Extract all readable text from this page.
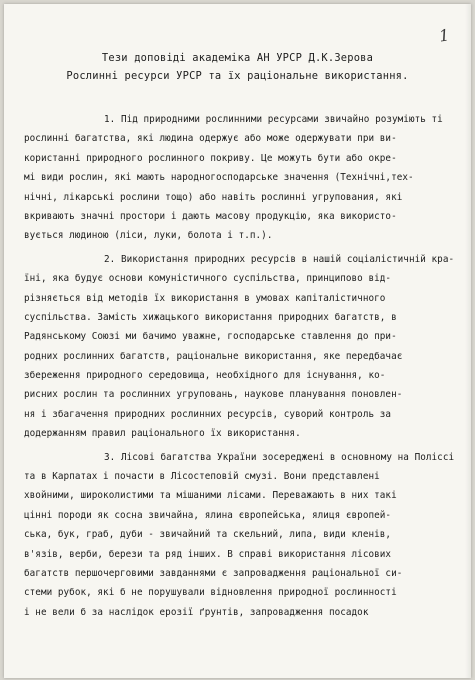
1
Тези доповіді академіка АН УРСР Д.К.Зерова
Рослинні ресурси УРСР та їх раціональне використання.
1. Під природними рослинними ресурсами звичайно розуміють ті
рослинні багатства, які людина одержує або може одержувати при ви-
користанні природного рослинного покриву. Це можуть бути або окре-
мі види рослин, які мають народногосподарське значення (Технічні,тех-
нічні, лікарські рослини тощо) або навіть рослинні угрупования, які
вкривають значні простори і дають масову продукцію, яка використо-
вується людиною (ліси, луки, болота і т.п.).
2. Використання природних ресурсів в нашій соціалістичній кра-
їні, яка будує основи комуністичного суспільства, принципово від-
різняється від методів їх використання в умовах капіталістичного
суспільства. Замість хижацького використання природних багатств, в
Радянському Союзі ми бачимо уважне, господарське ставлення до при-
родних рослинних багатств, раціональне використання, яке передбачає
збереження природного середовища, необхідного для існування, ко-
рисних рослин та рослинних угруповань, наукове планування поновлен-
ня і збагачення природних рослинних ресурсів, суворий контроль за
додержанням правил раціонального їх використання.
3. Лісові багатства України зосереджені в основному на Поліссі
та в Карпатах і почасти в Лісостеповій смузі. Вони представлені
хвойними, широколистими та мішаними лісами. Переважають в них такі
цінні породи як сосна звичайна, ялина європейська, ялиця європей-
ська, бук, граб, дуби - звичайний та скельний, липа, види кленів,
в'язів, верби, берези та ряд інших. В справі використання лісових
багатств першочерговими завданнями є запровадження раціональної си-
стеми рубок, які б не порушували відновлення природної рослинності
і не вели б за наслідок ерозії ґрунтів, запровадження посадок
